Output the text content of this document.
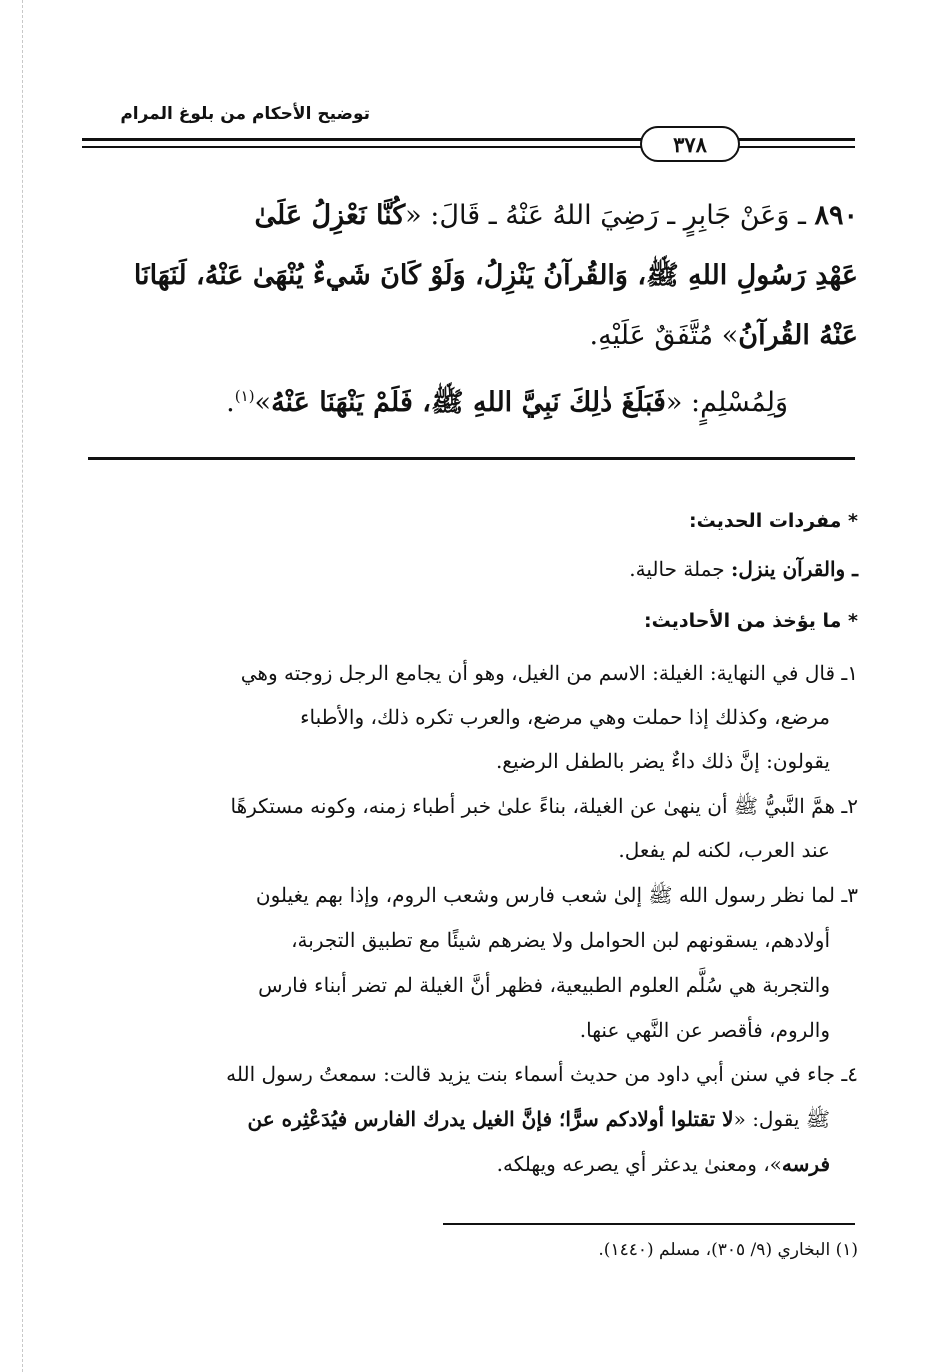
توضيح الأحكام من بلوغ المرام
٣٧٨
٨٩٠ ـ وَعَنْ جَابِرٍ ـ رَضِيَ اللهُ عَنْهُ ـ قَالَ: «كُنَّا نَعْزِلُ عَلَىٰ
عَهْدِ رَسُولِ اللهِ ﷺ، وَالقُرآنُ يَنْزِلُ، وَلَوْ كَانَ شَيءٌ يُنْهَىٰ عَنْهُ، لَنَهَانَا
عَنْهُ القُرآنُ» مُتَّفَقٌ عَلَيْهِ.
وَلِمُسْلِمٍ: «فَبَلَغَ ذٰلِكَ نَبِيَّ اللهِ ﷺ، فَلَمْ يَنْهَنَا عَنْهُ»$^{(١)}$.
* مفردات الحديث:
ـ والقرآن ينزل: جملة حالية.
* ما يؤخذ من الأحاديث:
١ـ قال في النهاية: الغيلة: الاسم من الغيل، وهو أن يجامع الرجل زوجته وهي
مرضع، وكذلك إذا حملت وهي مرضع، والعرب تكره ذلك، والأطباء
يقولون: إنَّ ذلك داءٌ يضر بالطفل الرضيع.
٢ـ همَّ النَّبيُّ ﷺ أن ينهىٰ عن الغيلة، بناءً علىٰ خبر أطباء زمنه، وكونه مستكرهًا
عند العرب، لكنه لم يفعل.
٣ـ لما نظر رسول الله ﷺ إلىٰ شعب فارس وشعب الروم، وإذا بهم يغيلون
أولادهم، يسقونهم لبن الحوامل ولا يضرهم شيئًا مع تطبيق التجربة،
والتجربة هي سُلَّم العلوم الطبيعية، فظهر أنَّ الغيلة لم تضر أبناء فارس
والروم، فأقصر عن النَّهي عنها.
٤ـ جاء في سنن أبي داود من حديث أسماء بنت يزيد قالت: سمعتُ رسول الله
ﷺ يقول: «لا تقتلوا أولادكم سرًّا؛ فإنَّ الغيل يدرك الفارس فيُدَعْثِره عن
فرسه»، ومعنىٰ يدعثر أي يصرعه ويهلكه.
(١) البخاري (٩/ ٣٠٥)، مسلم (١٤٤٠).
